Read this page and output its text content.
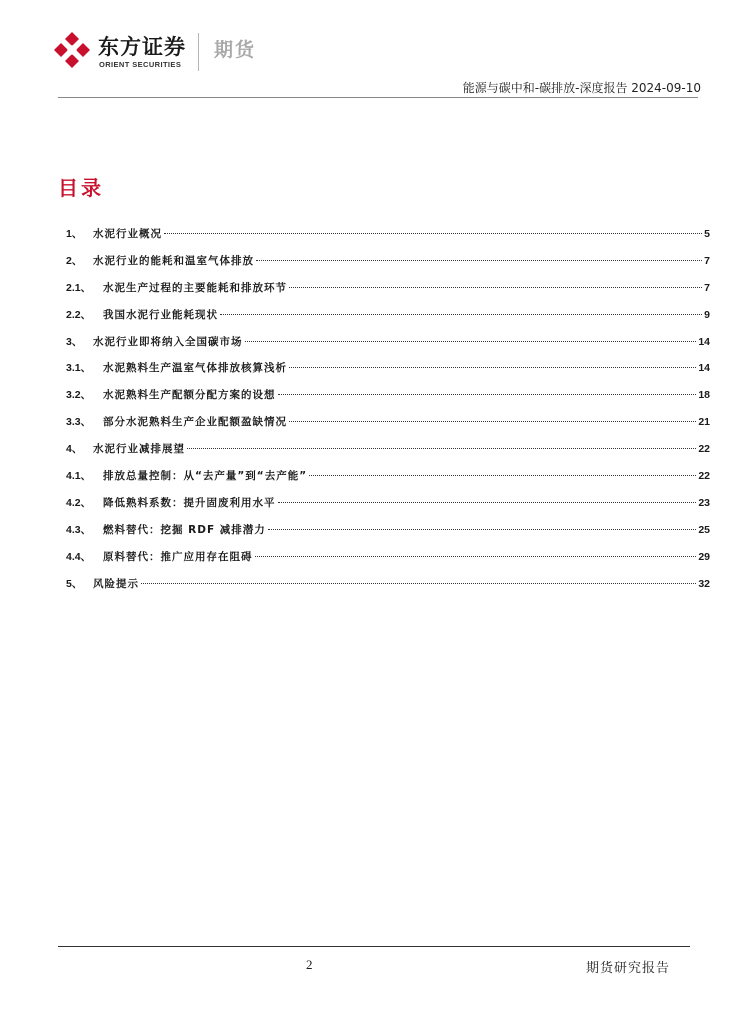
东方证券
ORIENT SECURITIES
期货
能源与碳中和-碳排放-深度报告 2024-09-10
目录
1、	水泥行业概况	5
2、	水泥行业的能耗和温室气体排放	7
2.1、	水泥生产过程的主要能耗和排放环节	7
2.2、	我国水泥行业能耗现状	9
3、	水泥行业即将纳入全国碳市场	14
3.1、	水泥熟料生产温室气体排放核算浅析	14
3.2、	水泥熟料生产配额分配方案的设想	18
3.3、	部分水泥熟料生产企业配额盈缺情况	21
4、	水泥行业减排展望	22
4.1、	排放总量控制：从“去产量”到“去产能”	22
4.2、	降低熟料系数：提升固废利用水平	23
4.3、	燃料替代：挖掘 RDF 减排潜力	25
4.4、	原料替代：推广应用存在阻碍	29
5、	风险提示	32
2	期货研究报告
